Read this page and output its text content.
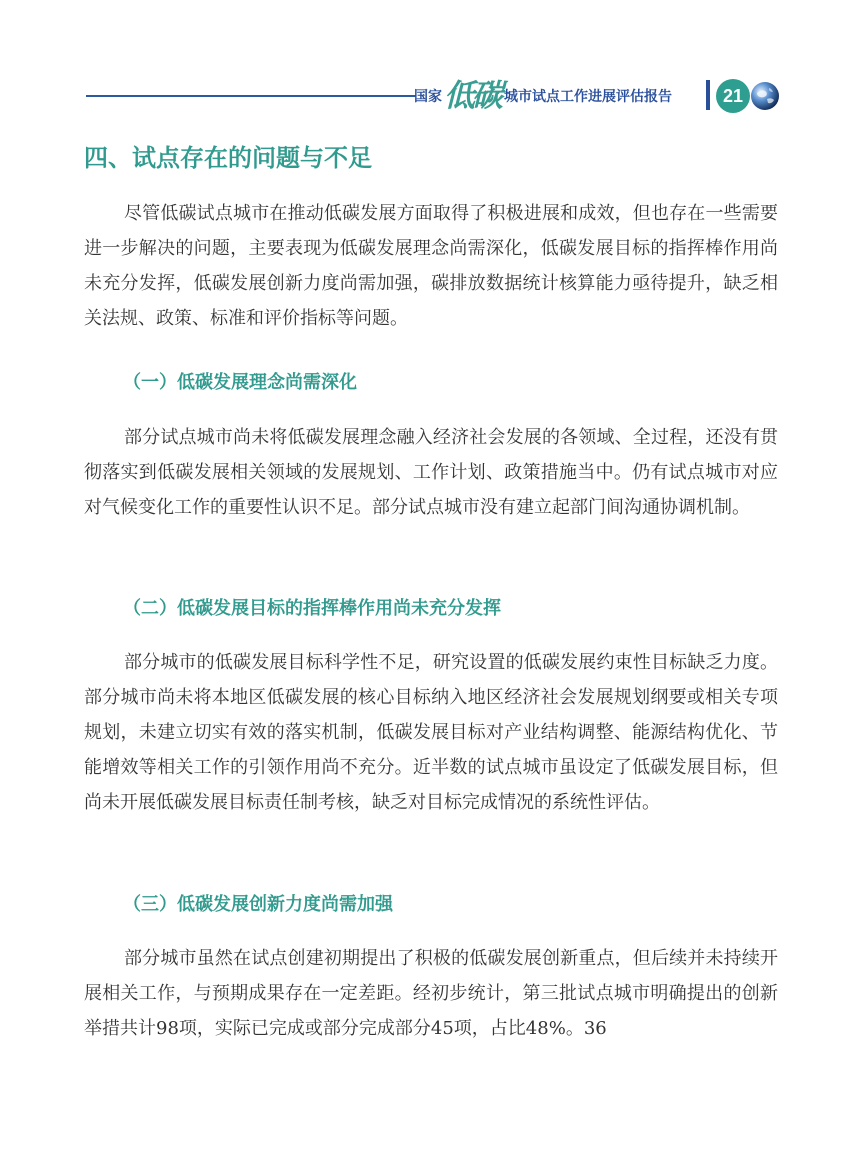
国家 低碳 城市试点工作进展评估报告	21
四、试点存在的问题与不足

尽管低碳试点城市在推动低碳发展方面取得了积极进展和成效，但也存在一些需要进一步解决的问题，主要表现为低碳发展理念尚需深化，低碳发展目标的指挥棒作用尚未充分发挥，低碳发展创新力度尚需加强，碳排放数据统计核算能力亟待提升，缺乏相关法规、政策、标准和评价指标等问题。

（一）低碳发展理念尚需深化

部分试点城市尚未将低碳发展理念融入经济社会发展的各领域、全过程，还没有贯彻落实到低碳发展相关领域的发展规划、工作计划、政策措施当中。仍有试点城市对应对气候变化工作的重要性认识不足。部分试点城市没有建立起部门间沟通协调机制。

（二）低碳发展目标的指挥棒作用尚未充分发挥

部分城市的低碳发展目标科学性不足，研究设置的低碳发展约束性目标缺乏力度。部分城市尚未将本地区低碳发展的核心目标纳入地区经济社会发展规划纲要或相关专项规划，未建立切实有效的落实机制，低碳发展目标对产业结构调整、能源结构优化、节能增效等相关工作的引领作用尚不充分。近半数的试点城市虽设定了低碳发展目标，但尚未开展低碳发展目标责任制考核，缺乏对目标完成情况的系统性评估。

（三）低碳发展创新力度尚需加强

部分城市虽然在试点创建初期提出了积极的低碳发展创新重点，但后续并未持续开展相关工作，与预期成果存在一定差距。经初步统计，第三批试点城市明确提出的创新举措共计98项，实际已完成或部分完成部分45项，占比48%。36
